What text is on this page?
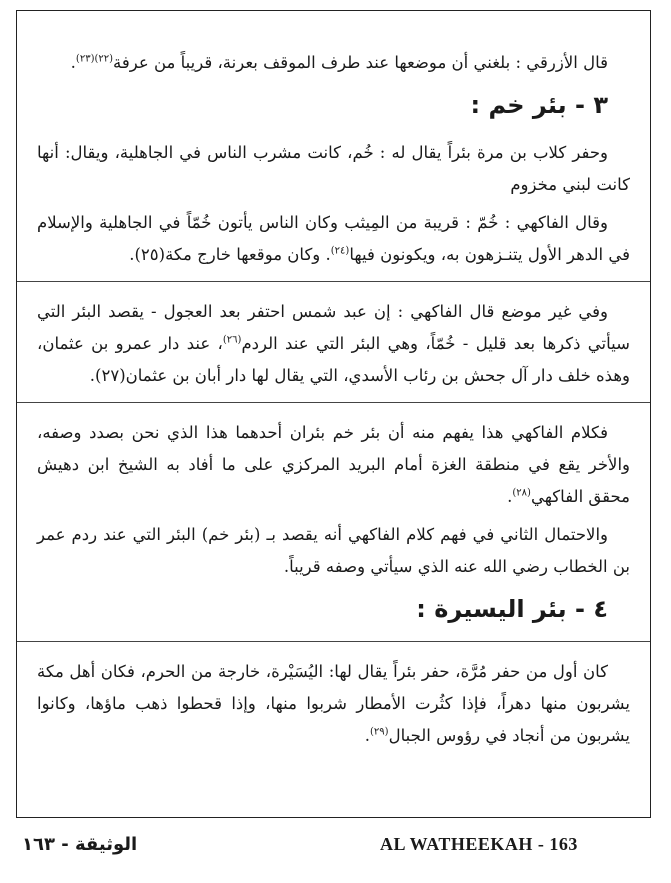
قال الأزرقي : بلغني أن موضعها عند طرف الموقف بعرنة، قريباً من عرفة$^{(٢٢)(٢٣)}$.

٣ - بئر خم :

وحفر كلاب بن مرة بئراً يقال له : خُم، كانت مشرب الناس في الجاهلية، ويقال: أنها كانت لبني مخزوم

وقال الفاكهي : خُمّ : قريبة من المِيثب وكان الناس يأتون خُمّاً في الجاهلية والإسلام في الدهر الأول يتنـزهون به، ويكونون فيها$^{(٢٤)}$. وكان موقعها خارج مكة(٢٥).

وفي غير موضع قال الفاكهي : إن عبد شمس احتفر بعد العجول - يقصد البئر التي سيأتي ذكرها بعد قليل - خُمّاً، وهي البئر التي عند الردم$^{(٢٦)}$، عند دار عمرو بن عثمان، وهذه خلف دار آل جحش بن رئاب الأسدي، التي يقال لها دار أبان بن عثمان(٢٧).

فكلام الفاكهي هذا يفهم منه أن بئر خم بئران أحدهما هذا الذي نحن بصدد وصفه، والأخر يقع في منطقة الغزة أمام البريد المركزي على ما أفاد به الشيخ ابن دهيش محقق الفاكهي$^{(٢٨)}$.

والاحتمال الثاني في فهم كلام الفاكهي أنه يقصد بـ (بئر خم) البئر التي عند ردم عمر بن الخطاب رضي الله عنه الذي سيأتي وصفه قريباً.

٤ - بئر اليسيرة :

كان أول من حفر مُرَّة، حفر بئراً يقال لها: اليُسَيْرة، خارجة من الحرم، فكان أهل مكة يشربون منها دهراً، فإذا كثُرت الأمطار شربوا منها، وإذا قحطوا ذهب ماؤها، وكانوا يشربون من أنجاد في رؤوس الجبال$^{(٢٩)}$.

AL WATHEEKAH - 163
الوثيقة - ١٦٣
